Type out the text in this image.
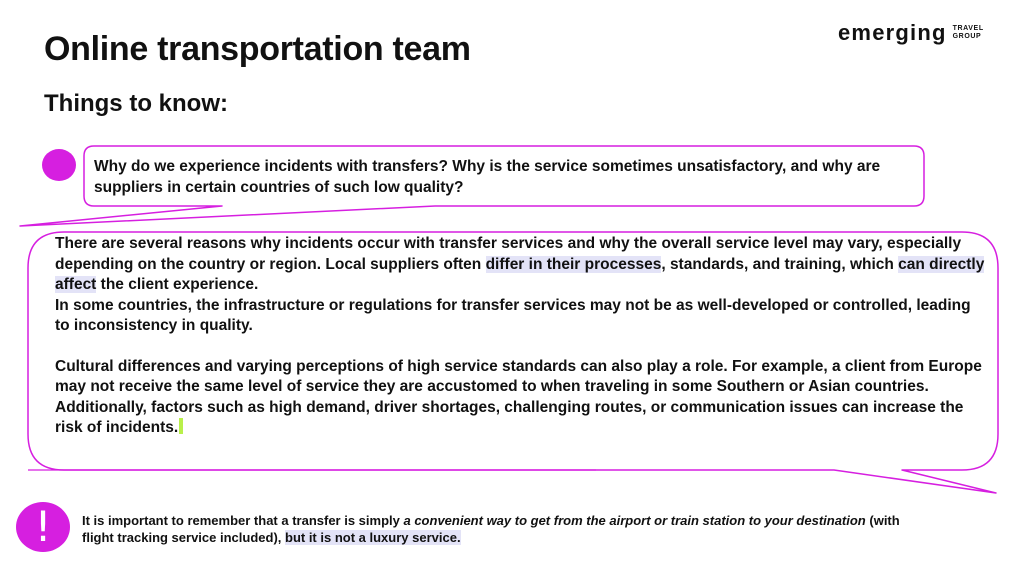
Online transportation team
Things to know:
emerging TRAVEL
GROUP
Why do we experience incidents with transfers? Why is the service sometimes unsatisfactory, and why are suppliers in certain countries of such low quality?

There are several reasons why incidents occur with transfer services and why the overall service level may vary, especially depending on the country or region. Local suppliers often differ in their processes, standards, and training, which can directly affect the client experience.

In some countries, the infrastructure or regulations for transfer services may not be as well-developed or controlled, leading to inconsistency in quality.

Cultural differences and varying perceptions of high service standards can also play a role. For example, a client from Europe may not receive the same level of service they are accustomed to when traveling in some Southern or Asian countries.

Additionally, factors such as high demand, driver shortages, challenging routes, or communication issues can increase the risk of incidents.

!	It is important to remember that a transfer is simply a convenient way to get from the airport or train station to your destination (with flight tracking service included), but it is not a luxury service.
